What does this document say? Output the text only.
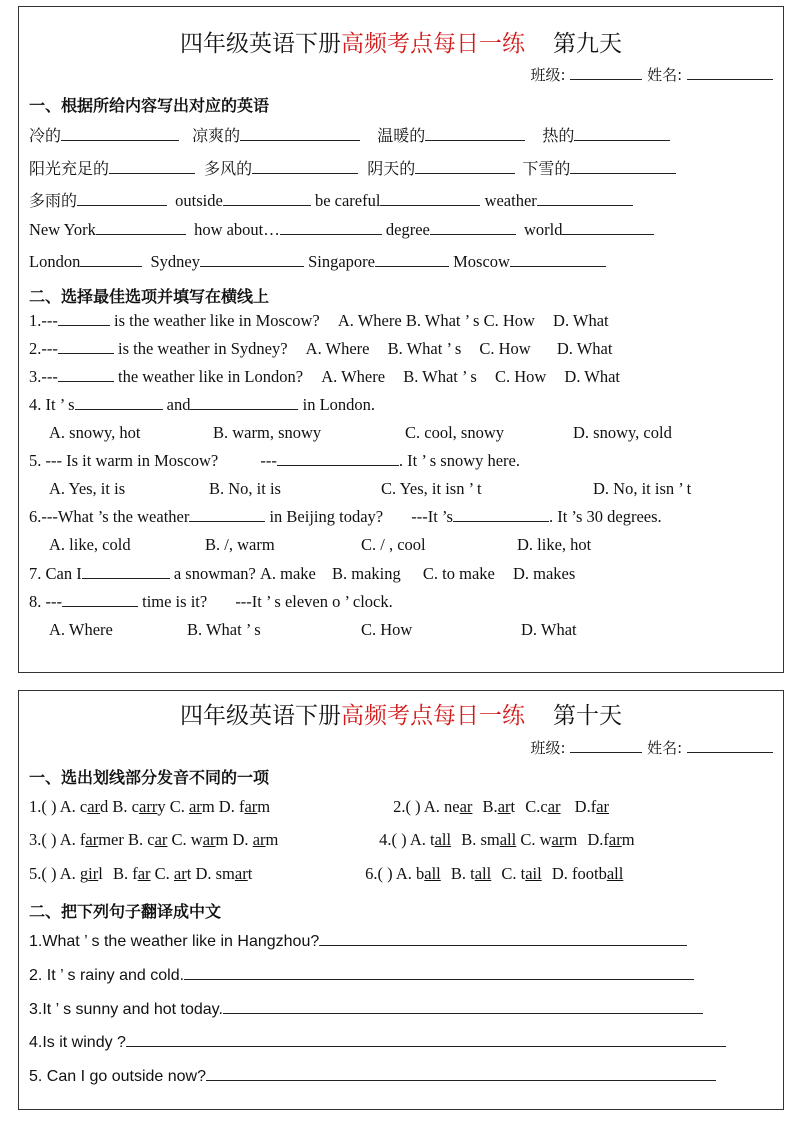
四年级英语下册高频考点每日一练 第九天
班级:	姓名:
一、根据所给内容写出对应的英语
冷的	凉爽的	温暖的	热的
阳光充足的	多风的	阴天的	下雪的
多雨的	outside	be careful	weather
New York	how about…	degree	world
London	Sydney	Singapore	Moscow
二、选择最佳选项并填写在横线上
1.---	is the weather like in Moscow? A. Where B. What ’ s C. How D. What
2.---	is the weather in Sydney? A. Where B. What ’ s C. How D. What
3.---	the weather like in London? A. Where B. What ’ s C. How D. What
4. It ’ s	and	in London.
A. snowy, hot	B. warm, snowy	C. cool, snowy	D. snowy, cold
5. --- Is it warm in Moscow?	---	. It ’ s snowy here.
A. Yes, it is	B. No, it is	C. Yes, it isn ’ t	D. No, it isn ’ t
6.---What ’s the weather	in Beijing today? ---It ’s	. It ’s 30 degrees.
A. like, cold	B. /, warm	C. / , cool	D. like, hot
7. Can I	a snowman? A. make B. making C. to make D. makes
8. ---	time is it? ---It ’ s eleven o ’ clock.
A. Where	B. What ’ s	C. How	D. What
四年级英语下册高频考点每日一练 第十天
班级:	姓名:
一、选出划线部分发音不同的一项
1.( ) A. card B. carry C. arm D. farm	2.( ) A. near B.art C.car D.far
3.( ) A. farmer B. car C. warm D. arm	4.( ) A. tall B. small C. warm D.farm
5.( ) A. girl B. far C. art D. smart	6.( ) A. ball B. tall C. tail D. football
二、把下列句子翻译成中文
1.What ’ s the weather like in Hangzhou?
2. It ’ s rainy and cold.
3.It ’ s sunny and hot today.
4.Is it windy ?
5. Can I go outside now?
